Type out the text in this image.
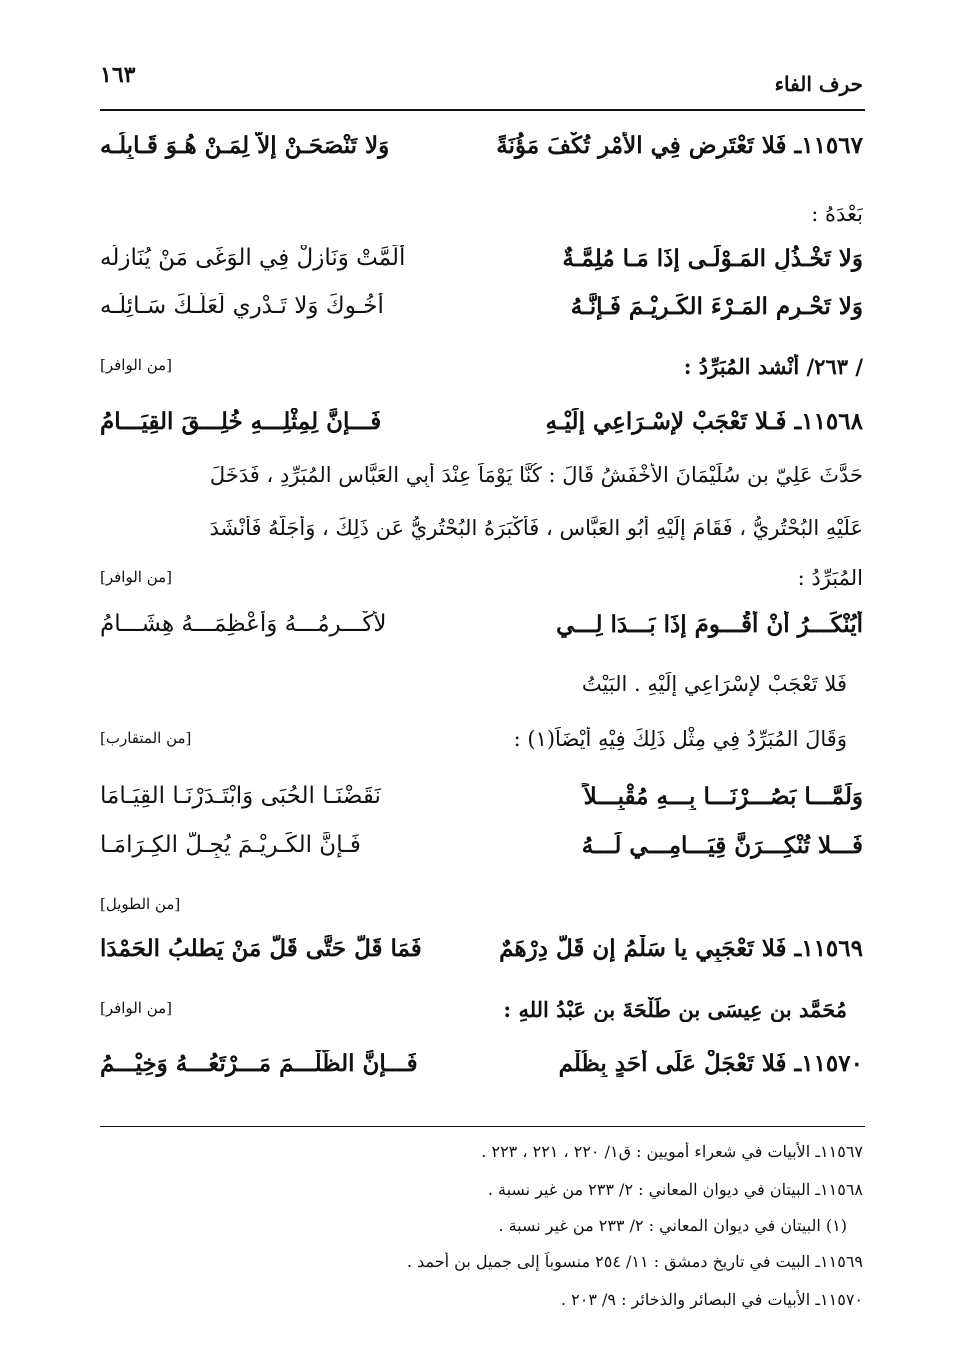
حرف الفاء
١٦٣
١١٥٦٧ـ فَلا تَعْتَرِض فِي الأَمْرِ تُكْفَ مَؤُنَةً
وَلا تَنْصَحَـنْ إِلاَّ لِمَـنْ هُـوَ قَـابِلُـه
بَعْدَهُ :
وَلا تَخْـذُلِ المَـوْلَـى إِذَا مَـا مُلِمَّـةٌ
أَلَمَّتْ وَنَازِلْ فِي الوَغَى مَنْ يُنَازِلُه
وَلا تَحْـرِمِ المَـرْءَ الكَـرِيْـمَ فَـإِنَّـهُ
أَخُـوكَ وَلا تَـدْرِي لَعَلَّـكَ سَـائِلُـه
/ ٢٦٣/ أَنْشد المُبَرِّدُ :
[من الوافر]
١١٥٦٨ـ فَـلا تَعْجَبْ لإِسْـرَاعِي إِلَيْـهِ
فَـــإِنَّ لِمِثْلِـــهِ خُلِـــقَ القِيَـــامُ
حَدَّثَ عَلِيّ بن سُلَيْمَانَ الأَخْفَشُ قَالَ : كُنَّا يَوْمَاً عِنْدَ أَبِي العَبَّاسِ المُبَرِّدِ ، فَدَخَلَ
عَلَيْهِ البُحْتُرِيُّ ، فَقَامَ إِلَيْهِ أَبُو العَبَّاسِ ، فَأَكْبَرَهُ البُحْتُرِيُّ عَن ذَلِكَ ، وَأَجَلَّهُ فَأَنْشَدَ
المُبَرِّدُ :
[من الوافر]
أَيُنْكَـــرُ أَنْ أَقُـــومَ إِذَا بَـــدَا لِـــي
لأُكْـــرِمُـــهُ وَأُعْظِمَـــهُ هِشَـــامُ
فَلا تَعْجَبْ لإِسْرَاعِي إِلَيْهِ . البَيْتُ
وَقَالَ المُبَرِّدُ فِي مِثْلِ ذَلِكَ فِيْهِ أَيْضَاً(١) :
[من المتقارب]
وَلَمَّـــا بَصُـــرْنَـــا بِـــهِ مُقْبِـــلاً
نَقَضْنَـا الحُبَى وَابْتَـدَرْنَـا القِيَـامَا
فَـــلا تُنْكِـــرَنَّ قِيَـــامِـــي لَـــهُ
فَـإِنَّ الكَـرِيْـمَ يُجِـلُّ الكِـرَامَـا
[من الطويل]
١١٥٦٩ـ فَلا تَعْجَبِي يا سَلْمُ إِن قَلَّ دِرْهَمٌ
فَمَا قَلَّ حَتَّى قَلَّ مَنْ يَطلبُ الحَمْدَا
مُحَمَّد بن عِيسَى بن طَلْحَةَ بن عَبْدُ اللهِ :
[من الوافر]
١١٥٧٠ـ فَلا تَعْجَلْ عَلَى أَحَدٍ بِظُلْمٍ
فَـــإِنَّ الظُّلْـــمَ مَـــرْتَعُـــهُ وَخِيْـــمُ
١١٥٦٧ـ الأبيات في شعراء أمويين : ق١/ ٢٢٠ ، ٢٢١ ، ٢٢٣ .
١١٥٦٨ـ البيتان في ديوان المعاني : ٢/ ٢٣٣ من غير نسبة .
(١) البيتان في ديوان المعاني : ٢/ ٢٣٣ من غير نسبة .
١١٥٦٩ـ البيت في تاريخ دمشق : ١١/ ٢٥٤ منسوباً إلى جميل بن أحمد .
١١٥٧٠ـ الأبيات في البصائر والذخائر : ٩/ ٢٠٣ .
